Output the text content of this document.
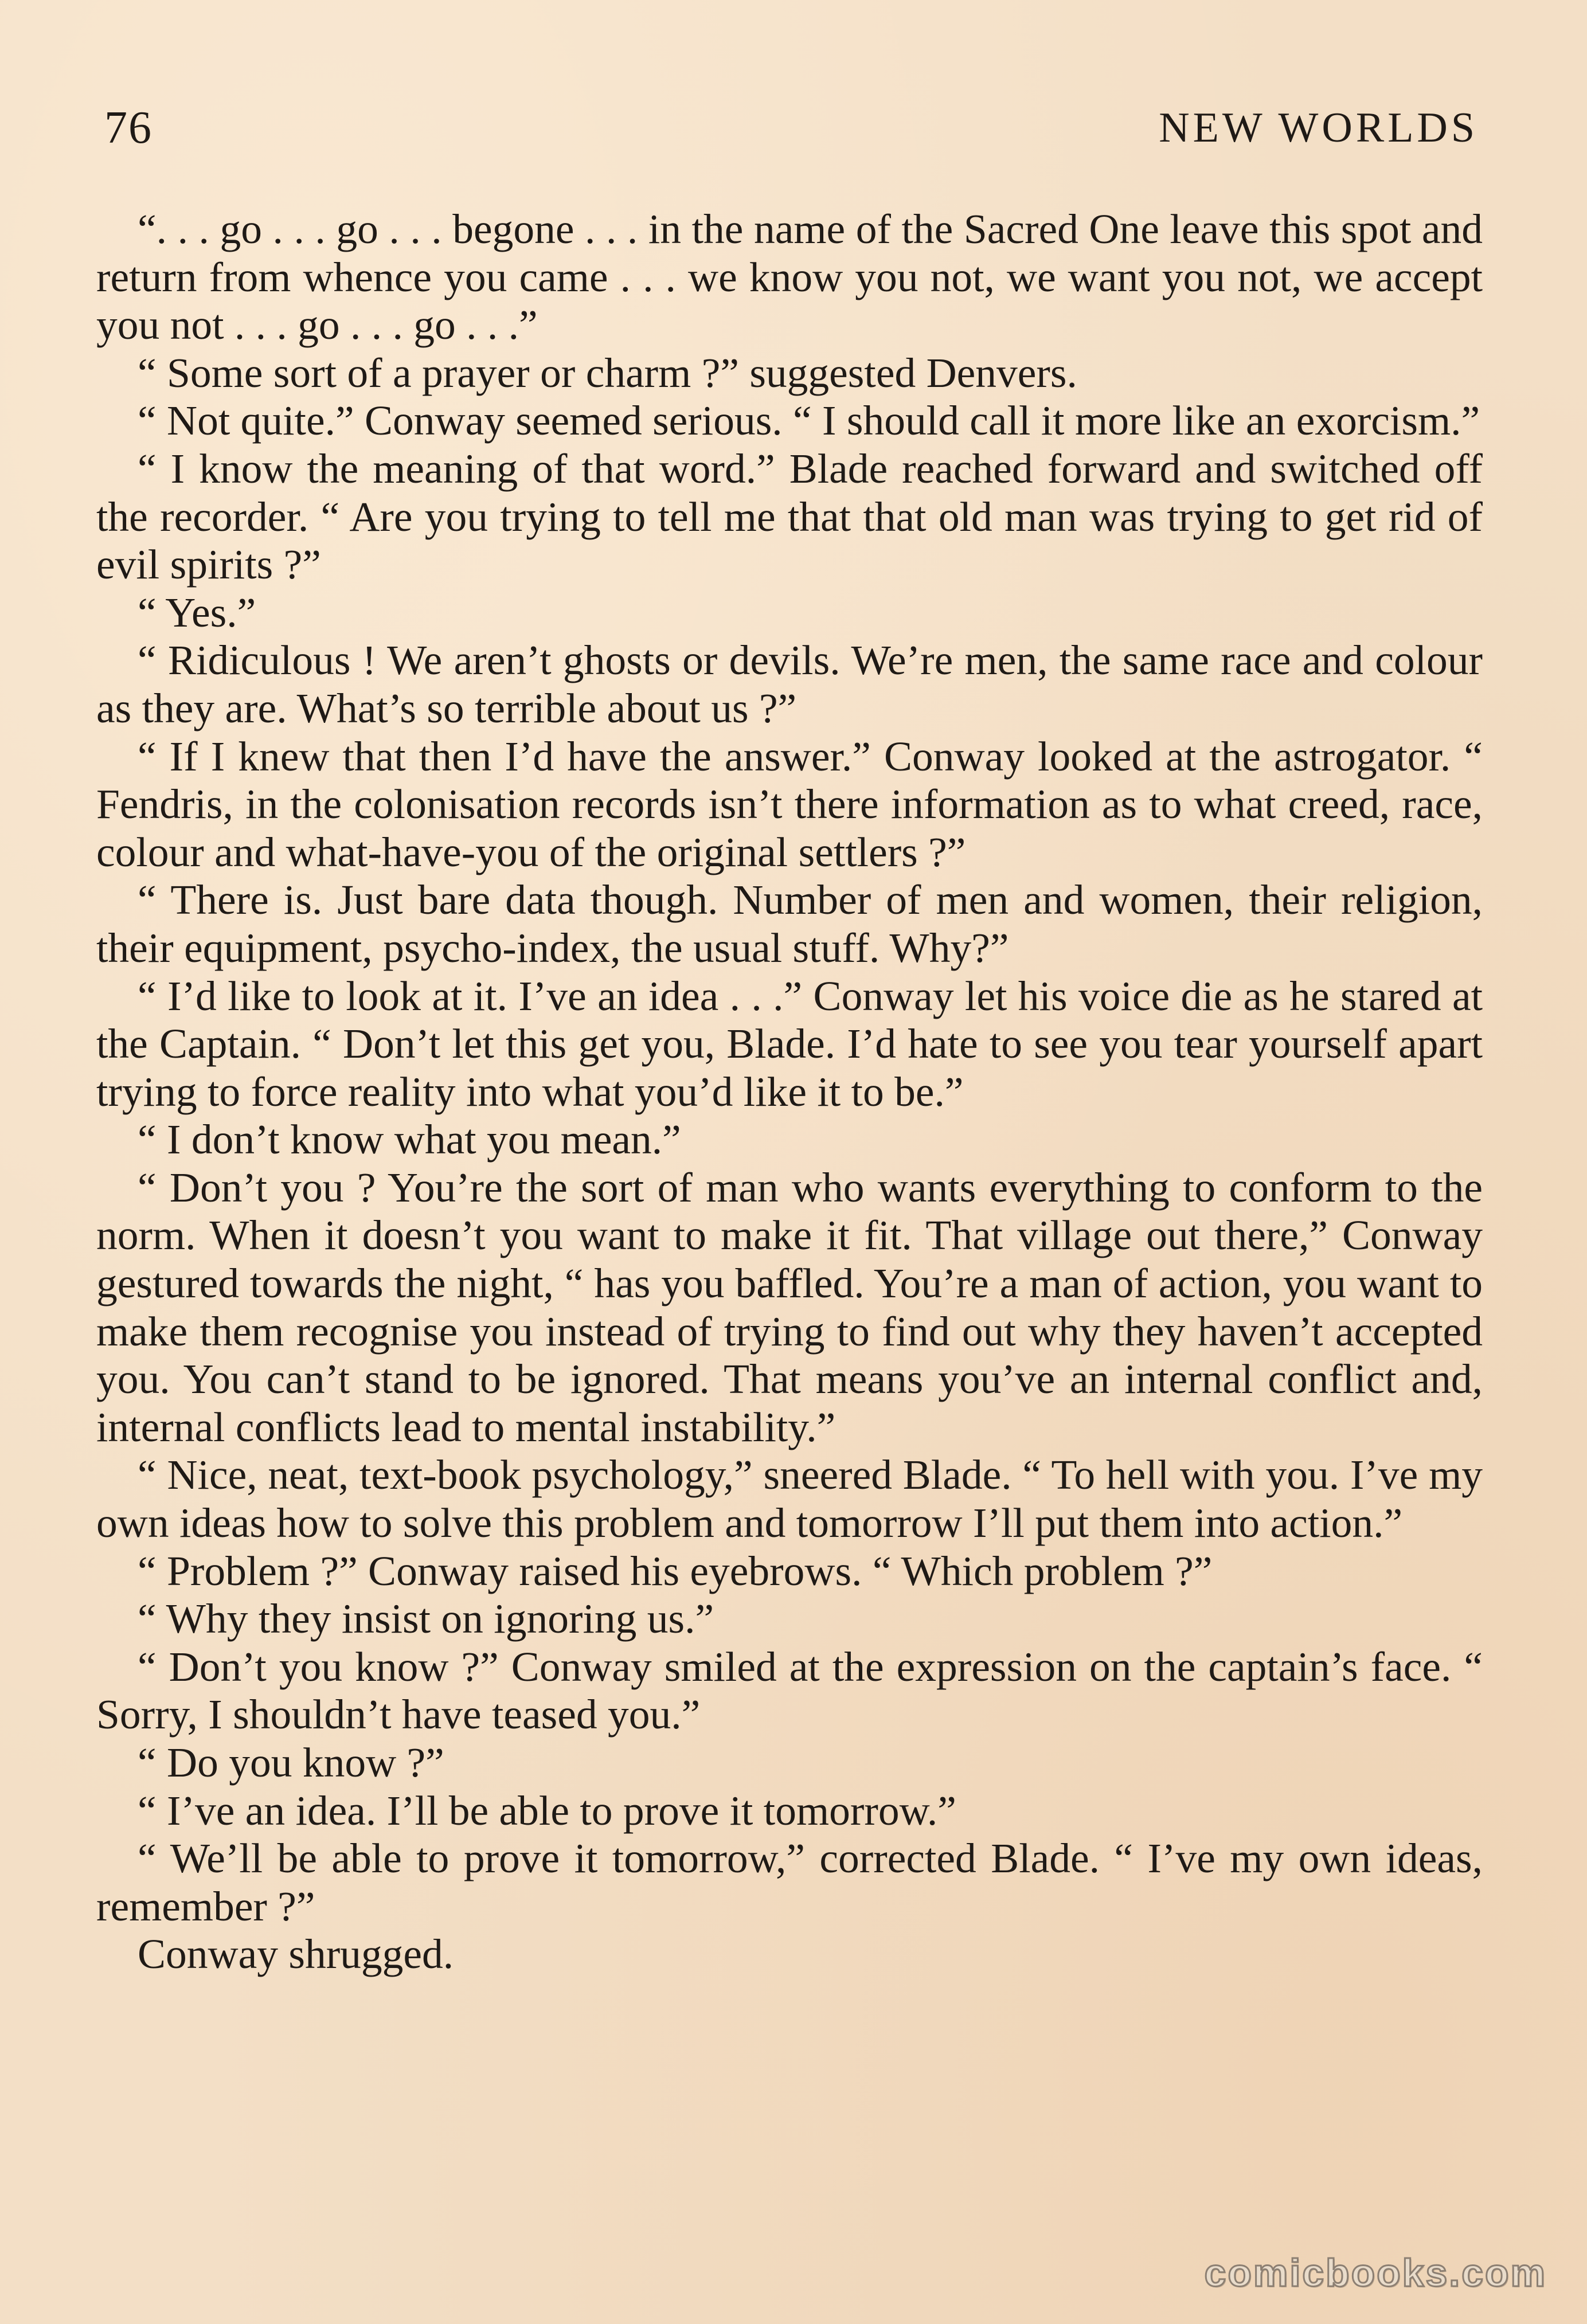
76	NEW WORLDS

“. . . go . . . go . . . begone . . . in the name of the Sacred One leave this spot and return from whence you came . . . we know you not, we want you not, we accept you not . . . go . . . go . . .”

“ Some sort of a prayer or charm ?” suggested Denvers.

“ Not quite.” Conway seemed serious. “ I should call it more like an exorcism.”

“ I know the meaning of that word.” Blade reached forward and switched off the recorder. “ Are you trying to tell me that that old man was trying to get rid of evil spirits ?”

“ Yes.”

“ Ridiculous ! We aren’t ghosts or devils. We’re men, the same race and colour as they are. What’s so terrible about us ?”

“ If I knew that then I’d have the answer.” Conway looked at the astrogator. “ Fendris, in the colonisation records isn’t there information as to what creed, race, colour and what-have-you of the original settlers ?”

“ There is. Just bare data though. Number of men and women, their religion, their equipment, psycho-index, the usual stuff. Why?”

“ I’d like to look at it. I’ve an idea . . .” Conway let his voice die as he stared at the Captain. “ Don’t let this get you, Blade. I’d hate to see you tear yourself apart trying to force reality into what you’d like it to be.”

“ I don’t know what you mean.”

“ Don’t you ? You’re the sort of man who wants everything to conform to the norm. When it doesn’t you want to make it fit. That village out there,” Conway gestured towards the night, “ has you baffled. You’re a man of action, you want to make them recognise you instead of trying to find out why they haven’t accepted you. You can’t stand to be ignored. That means you’ve an internal conflict and, internal conflicts lead to mental instability.”

“ Nice, neat, text-book psychology,” sneered Blade. “ To hell with you. I’ve my own ideas how to solve this problem and tomorrow I’ll put them into action.”

“ Problem ?” Conway raised his eyebrows. “ Which problem ?”

“ Why they insist on ignoring us.”

“ Don’t you know ?” Conway smiled at the expression on the captain’s face. “ Sorry, I shouldn’t have teased you.”

“ Do you know ?”

“ I’ve an idea. I’ll be able to prove it tomorrow.”

“ We’ll be able to prove it tomorrow,” corrected Blade. “ I’ve my own ideas, remember ?”

Conway shrugged.

comicbooks.com
